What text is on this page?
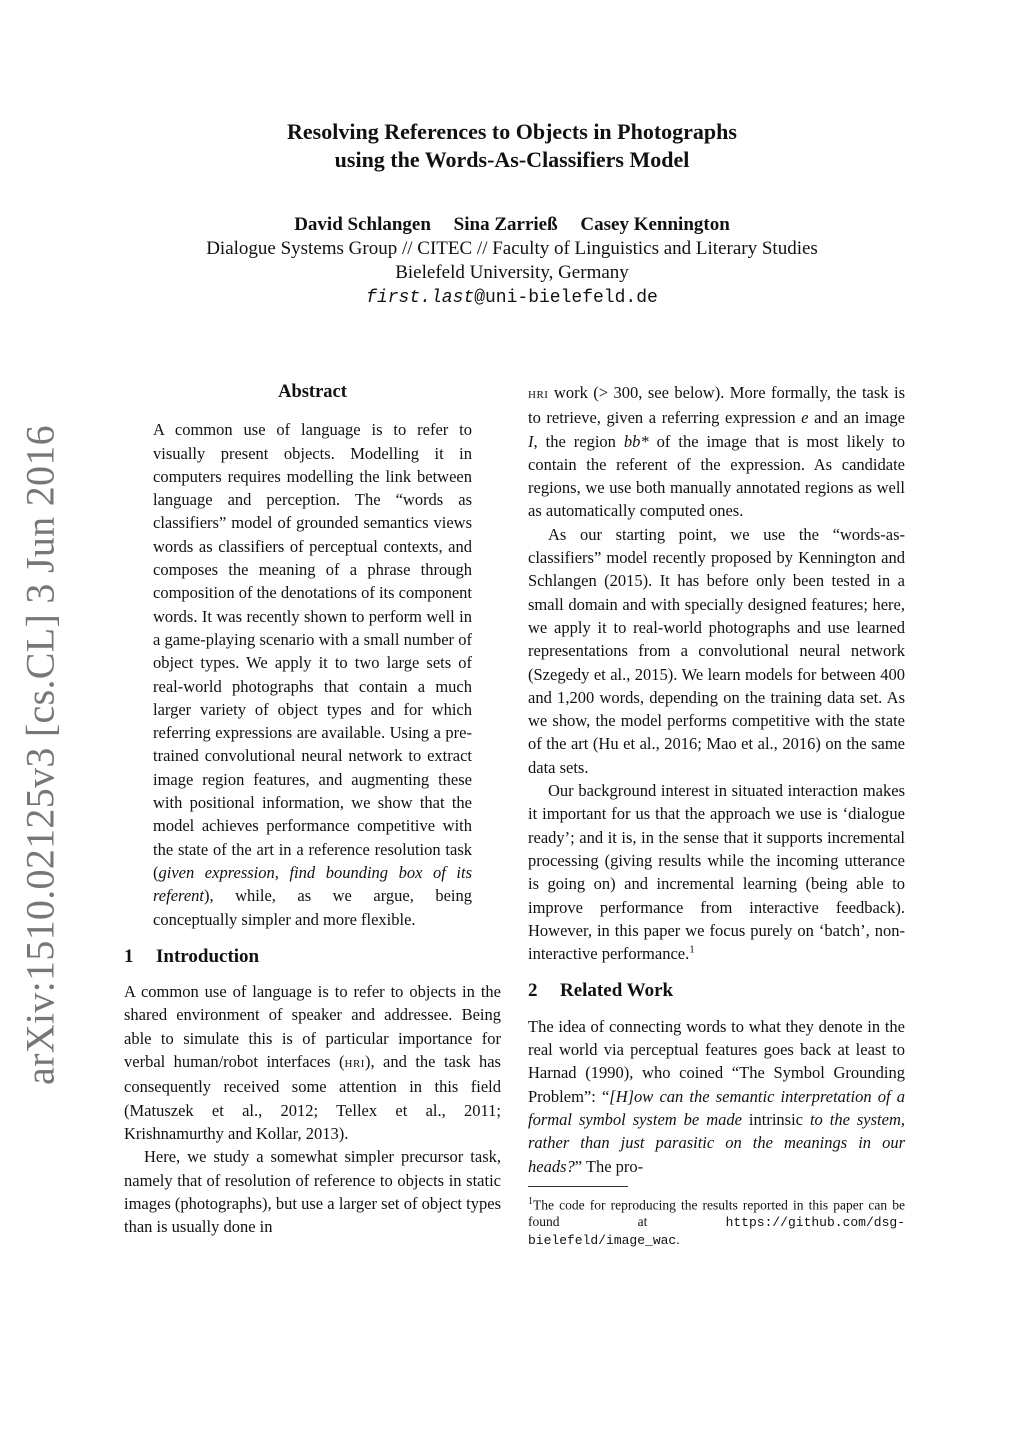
arXiv:1510.02125v3 [cs.CL] 3 Jun 2016
Resolving References to Objects in Photographs
using the Words-As-Classifiers Model
David Schlangen Sina Zarrieß Casey Kennington
Dialogue Systems Group // CITEC // Faculty of Linguistics and Literary Studies
Bielefeld University, Germany
first.last@uni-bielefeld.de
Abstract

A common use of language is to refer to visually present objects. Modelling it in computers requires modelling the link between language and perception. The “words as classifiers” model of grounded semantics views words as classifiers of perceptual contexts, and composes the meaning of a phrase through composition of the denotations of its component words. It was recently shown to perform well in a game-playing scenario with a small number of object types. We apply it to two large sets of real-world photographs that contain a much larger variety of object types and for which referring expressions are available. Using a pre-trained convolutional neural network to extract image region features, and augmenting these with positional information, we show that the model achieves performance competitive with the state of the art in a reference resolution task (given expression, find bounding box of its referent), while, as we argue, being conceptually simpler and more flexible.

1 Introduction

A common use of language is to refer to objects in the shared environment of speaker and addressee. Being able to simulate this is of particular importance for verbal human/robot interfaces (hri), and the task has consequently received some attention in this field (Matuszek et al., 2012; Tellex et al., 2011; Krishnamurthy and Kollar, 2013).

Here, we study a somewhat simpler precursor task, namely that of resolution of reference to objects in static images (photographs), but use a larger set of object types than is usually done in

hri work (> 300, see below). More formally, the task is to retrieve, given a referring expression e and an image I, the region bb* of the image that is most likely to contain the referent of the expression. As candidate regions, we use both manually annotated regions as well as automatically computed ones.

As our starting point, we use the “words-as-classifiers” model recently proposed by Kennington and Schlangen (2015). It has before only been tested in a small domain and with specially designed features; here, we apply it to real-world photographs and use learned representations from a convolutional neural network (Szegedy et al., 2015). We learn models for between 400 and 1,200 words, depending on the training data set. As we show, the model performs competitive with the state of the art (Hu et al., 2016; Mao et al., 2016) on the same data sets.

Our background interest in situated interaction makes it important for us that the approach we use is ‘dialogue ready’; and it is, in the sense that it supports incremental processing (giving results while the incoming utterance is going on) and incremental learning (being able to improve performance from interactive feedback). However, in this paper we focus purely on ‘batch’, non-interactive performance.$^1$

2 Related Work

The idea of connecting words to what they denote in the real world via perceptual features goes back at least to Harnad (1990), who coined “The Symbol Grounding Problem”: “[H]ow can the semantic interpretation of a formal symbol system be made intrinsic to the system, rather than just parasitic on the meanings in our heads?” The pro-

$^1$The code for reproducing the results reported in this paper can be found at https://github.com/dsg-bielefeld/image_wac.
